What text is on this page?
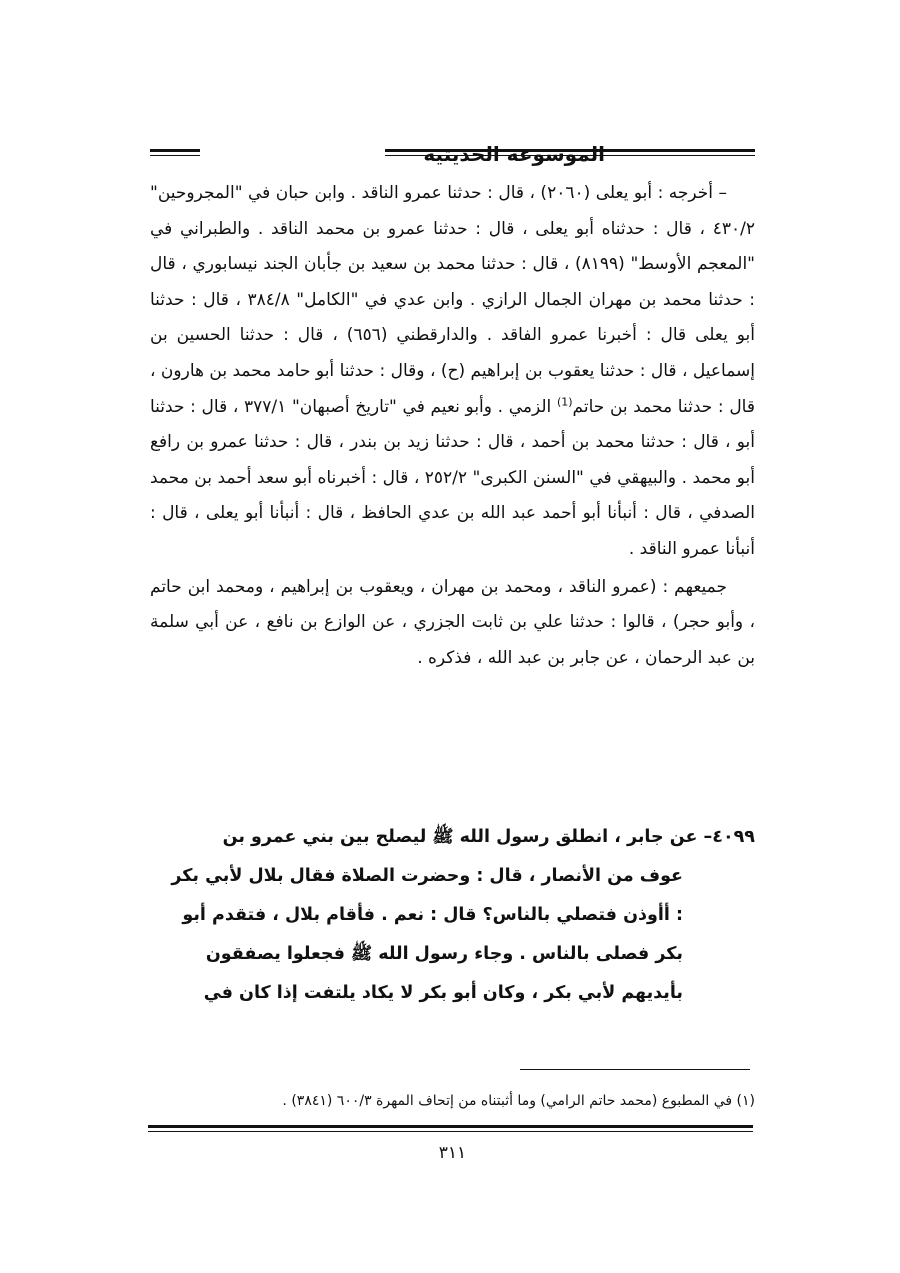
الموسوعة الحديثية

– أخرجه : أبو يعلى (٢٠٦٠) ، قال : حدثنا عمرو الناقد . وابن حبان في "المجروحين" ٤٣٠/٢ ، قال : حدثناه أبو يعلى ، قال : حدثنا عمرو بن محمد الناقد . والطبراني في "المعجم الأوسط" (٨١٩٩) ، قال : حدثنا محمد بن سعيد بن جأبان الجند نيسابوري ، قال : حدثنا محمد بن مهران الجمال الرازي . وابن عدي في "الكامل" ٣٨٤/٨ ، قال : حدثنا أبو يعلى قال : أخبرنا عمرو الفاقد . والدارقطني (٦٥٦) ، قال : حدثنا الحسين بن إسماعيل ، قال : حدثنا يعقوب بن إبراهيم (ح) ، وقال : حدثنا أبو حامد محمد بن هارون ، قال : حدثنا محمد بن حاتم$^{(1)}$ الزمي . وأبو نعيم في "تاريخ أصبهان" ٣٧٧/١ ، قال : حدثنا أبو ، قال : حدثنا محمد بن أحمد ، قال : حدثنا زيد بن بندر ، قال : حدثنا عمرو بن رافع أبو محمد . والبيهقي في "السنن الكبرى" ٢٥٢/٢ ، قال : أخبرناه أبو سعد أحمد بن محمد الصدفي ، قال : أنبأنا أبو أحمد عبد الله بن عدي الحافظ ، قال : أنبأنا أبو يعلى ، قال : أنبأنا عمرو الناقد .

جميعهم : (عمرو الناقد ، ومحمد بن مهران ، ويعقوب بن إبراهيم ، ومحمد ابن حاتم ، وأبو حجر) ، قالوا : حدثنا علي بن ثابت الجزري ، عن الوازع بن نافع ، عن أبي سلمة بن عبد الرحمان ، عن جابر بن عبد الله ، فذكره .

٤٠٩٩– عن جابر ، انطلق رسول الله ﷺ ليصلح بين بني عمرو بن
عوف من الأنصار ، قال : وحضرت الصلاة فقال بلال لأبي بكر
: أأوذن فتصلي بالناس؟ قال : نعم . فأقام بلال ، فتقدم أبو
بكر فصلى بالناس . وجاء رسول الله ﷺ فجعلوا يصفقون
بأيديهم لأبي بكر ، وكان أبو بكر لا يكاد يلتفت إذا كان في
(١) في المطبوع (محمد حاتم الرامي) وما أثبتناه من إتحاف المهرة ٦٠٠/٣ (٣٨٤١) .
٣١١
